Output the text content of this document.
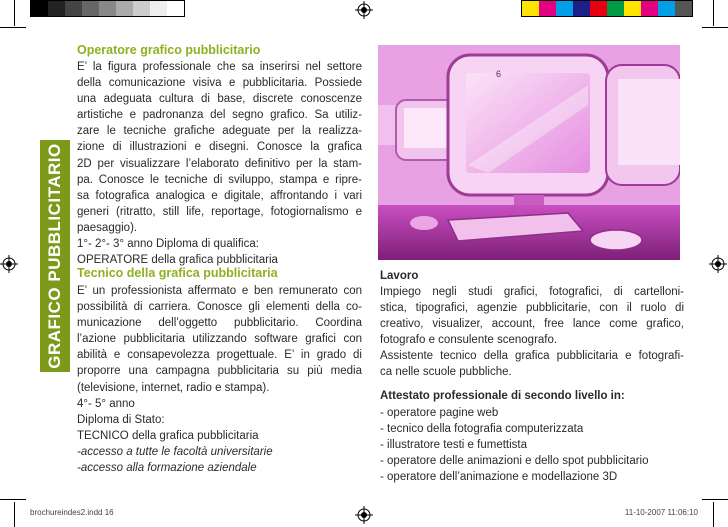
GRAFICO PUBBLICITARIO
Operatore grafico pubblicitario
E’ la figura professionale che sa inserirsi nel settore
della comunicazione visiva e pubblicitaria. Possiede
una adeguata cultura di base, discrete conoscenze
artistiche e padronanza del segno grafico. Sa utiliz-
zare le tecniche grafiche adeguate per la realizza-
zione di illustrazioni e disegni. Conosce la grafica
2D per visualizzare l’elaborato definitivo per la stam-
pa. Conosce le tecniche di sviluppo, stampa e ripre-
sa fotografica analogica e digitale, affrontando i vari
generi (ritratto, still life, reportage, fotogiornalismo e
paesaggio).
1°- 2°- 3° anno Diploma di qualifica:
OPERATORE della grafica pubblicitaria
6
Tecnico della grafica pubblicitaria
E’ un professionista affermato e ben remunerato con
possibilità di carriera. Conosce gli elementi della co-
municazione dell’oggetto pubblicitario. Coordina
l’azione pubblicitaria utilizzando software grafici con
abilità e consapevolezza progettuale. E’ in grado di
proporre una campagna pubblicitaria su più media
(televisione, internet, radio e stampa).
4°- 5° anno
Diploma di Stato:
TECNICO della grafica pubblicitaria
-accesso a tutte le facoltà universitarie
-accesso alla formazione aziendale
Lavoro
Impiego negli studi grafici, fotografici, di cartelloni-
stica, tipografici, agenzie pubblicitarie, con il ruolo di
creativo, visualizer, account, free lance come grafico,
fotografo e consulente scenografo.
Assistente tecnico della grafica pubblicitaria e fotografi-
ca nelle scuole pubbliche.
Attestato professionale di secondo livello in:
- operatore pagine web
- tecnico della fotografia computerizzata
- illustratore testi e fumettista
- operatore delle animazioni e dello spot pubblicitario
- operatore dell’animazione e modellazione 3D
brochureindes2.indd 16	11-10-2007 11:06:10
